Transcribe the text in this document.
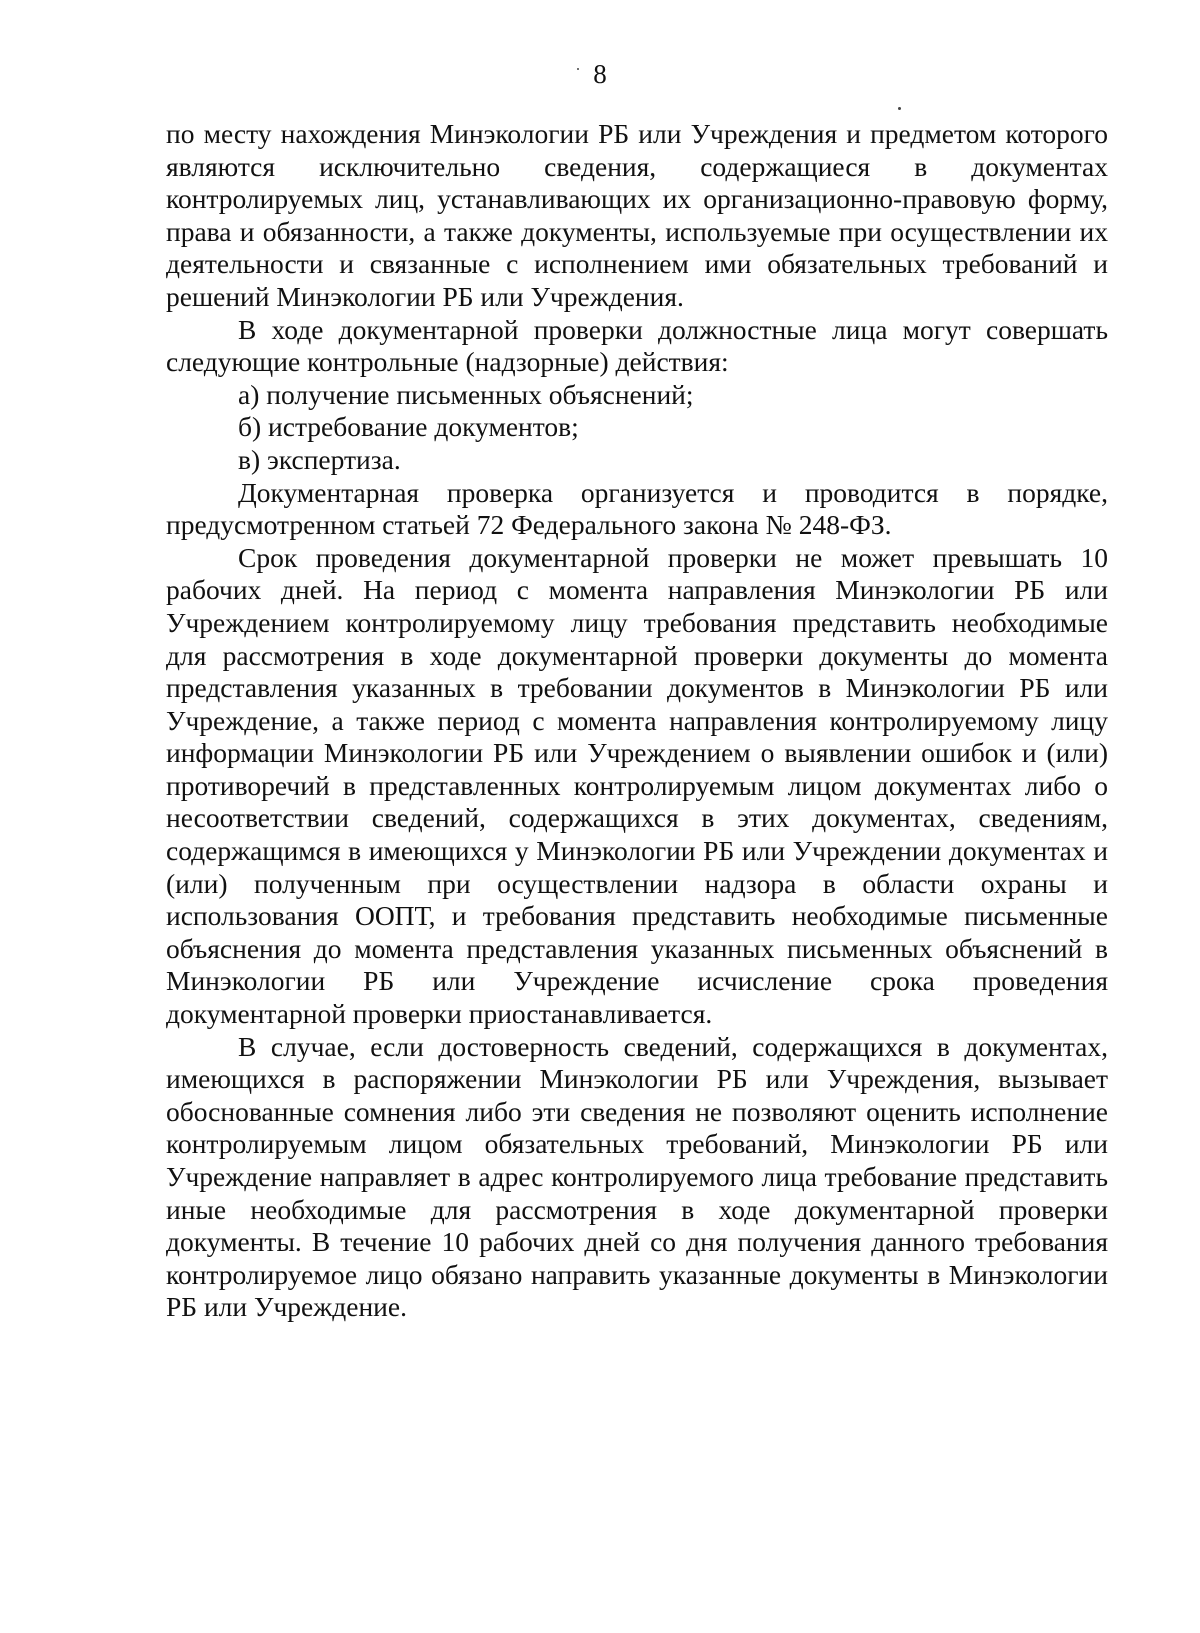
8

по месту нахождения Минэкологии РБ или Учреждения и предметом которого являются исключительно сведения, содержащиеся в документах контролируемых лиц, устанавливающих их организационно-правовую форму, права и обязанности, а также документы, используемые при осуществлении их деятельности и связанные с исполнением ими обязательных требований и решений Минэкологии РБ или Учреждения.

В ходе документарной проверки должностные лица могут совершать следующие контрольные (надзорные) действия:

а) получение письменных объяснений;

б) истребование документов;

в) экспертиза.

Документарная проверка организуется и проводится в порядке, предусмотренном статьей 72 Федерального закона № 248-ФЗ.

Срок проведения документарной проверки не может превышать 10 рабочих дней. На период с момента направления Минэкологии РБ или Учреждением контролируемому лицу требования представить необходимые для рассмотрения в ходе документарной проверки документы до момента представления указанных в требовании документов в Минэкологии РБ или Учреждение, а также период с момента направления контролируемому лицу информации Минэкологии РБ или Учреждением о выявлении ошибок и (или) противоречий в представленных контролируемым лицом документах либо о несоответствии сведений, содержащихся в этих документах, сведениям, содержащимся в имеющихся у Минэкологии РБ или Учреждении документах и (или) полученным при осуществлении надзора в области охраны и использования ООПТ, и требования представить необходимые письменные объяснения до момента представления указанных письменных объяснений в Минэкологии РБ или Учреждение исчисление срока проведения документарной проверки приостанавливается.

В случае, если достоверность сведений, содержащихся в документах, имеющихся в распоряжении Минэкологии РБ или Учреждения, вызывает обоснованные сомнения либо эти сведения не позволяют оценить исполнение контролируемым лицом обязательных требований, Минэкологии РБ или Учреждение направляет в адрес контролируемого лица требование представить иные необходимые для рассмотрения в ходе документарной проверки документы. В течение 10 рабочих дней со дня получения данного требования контролируемое лицо обязано направить указанные документы в Минэкологии РБ или Учреждение.
